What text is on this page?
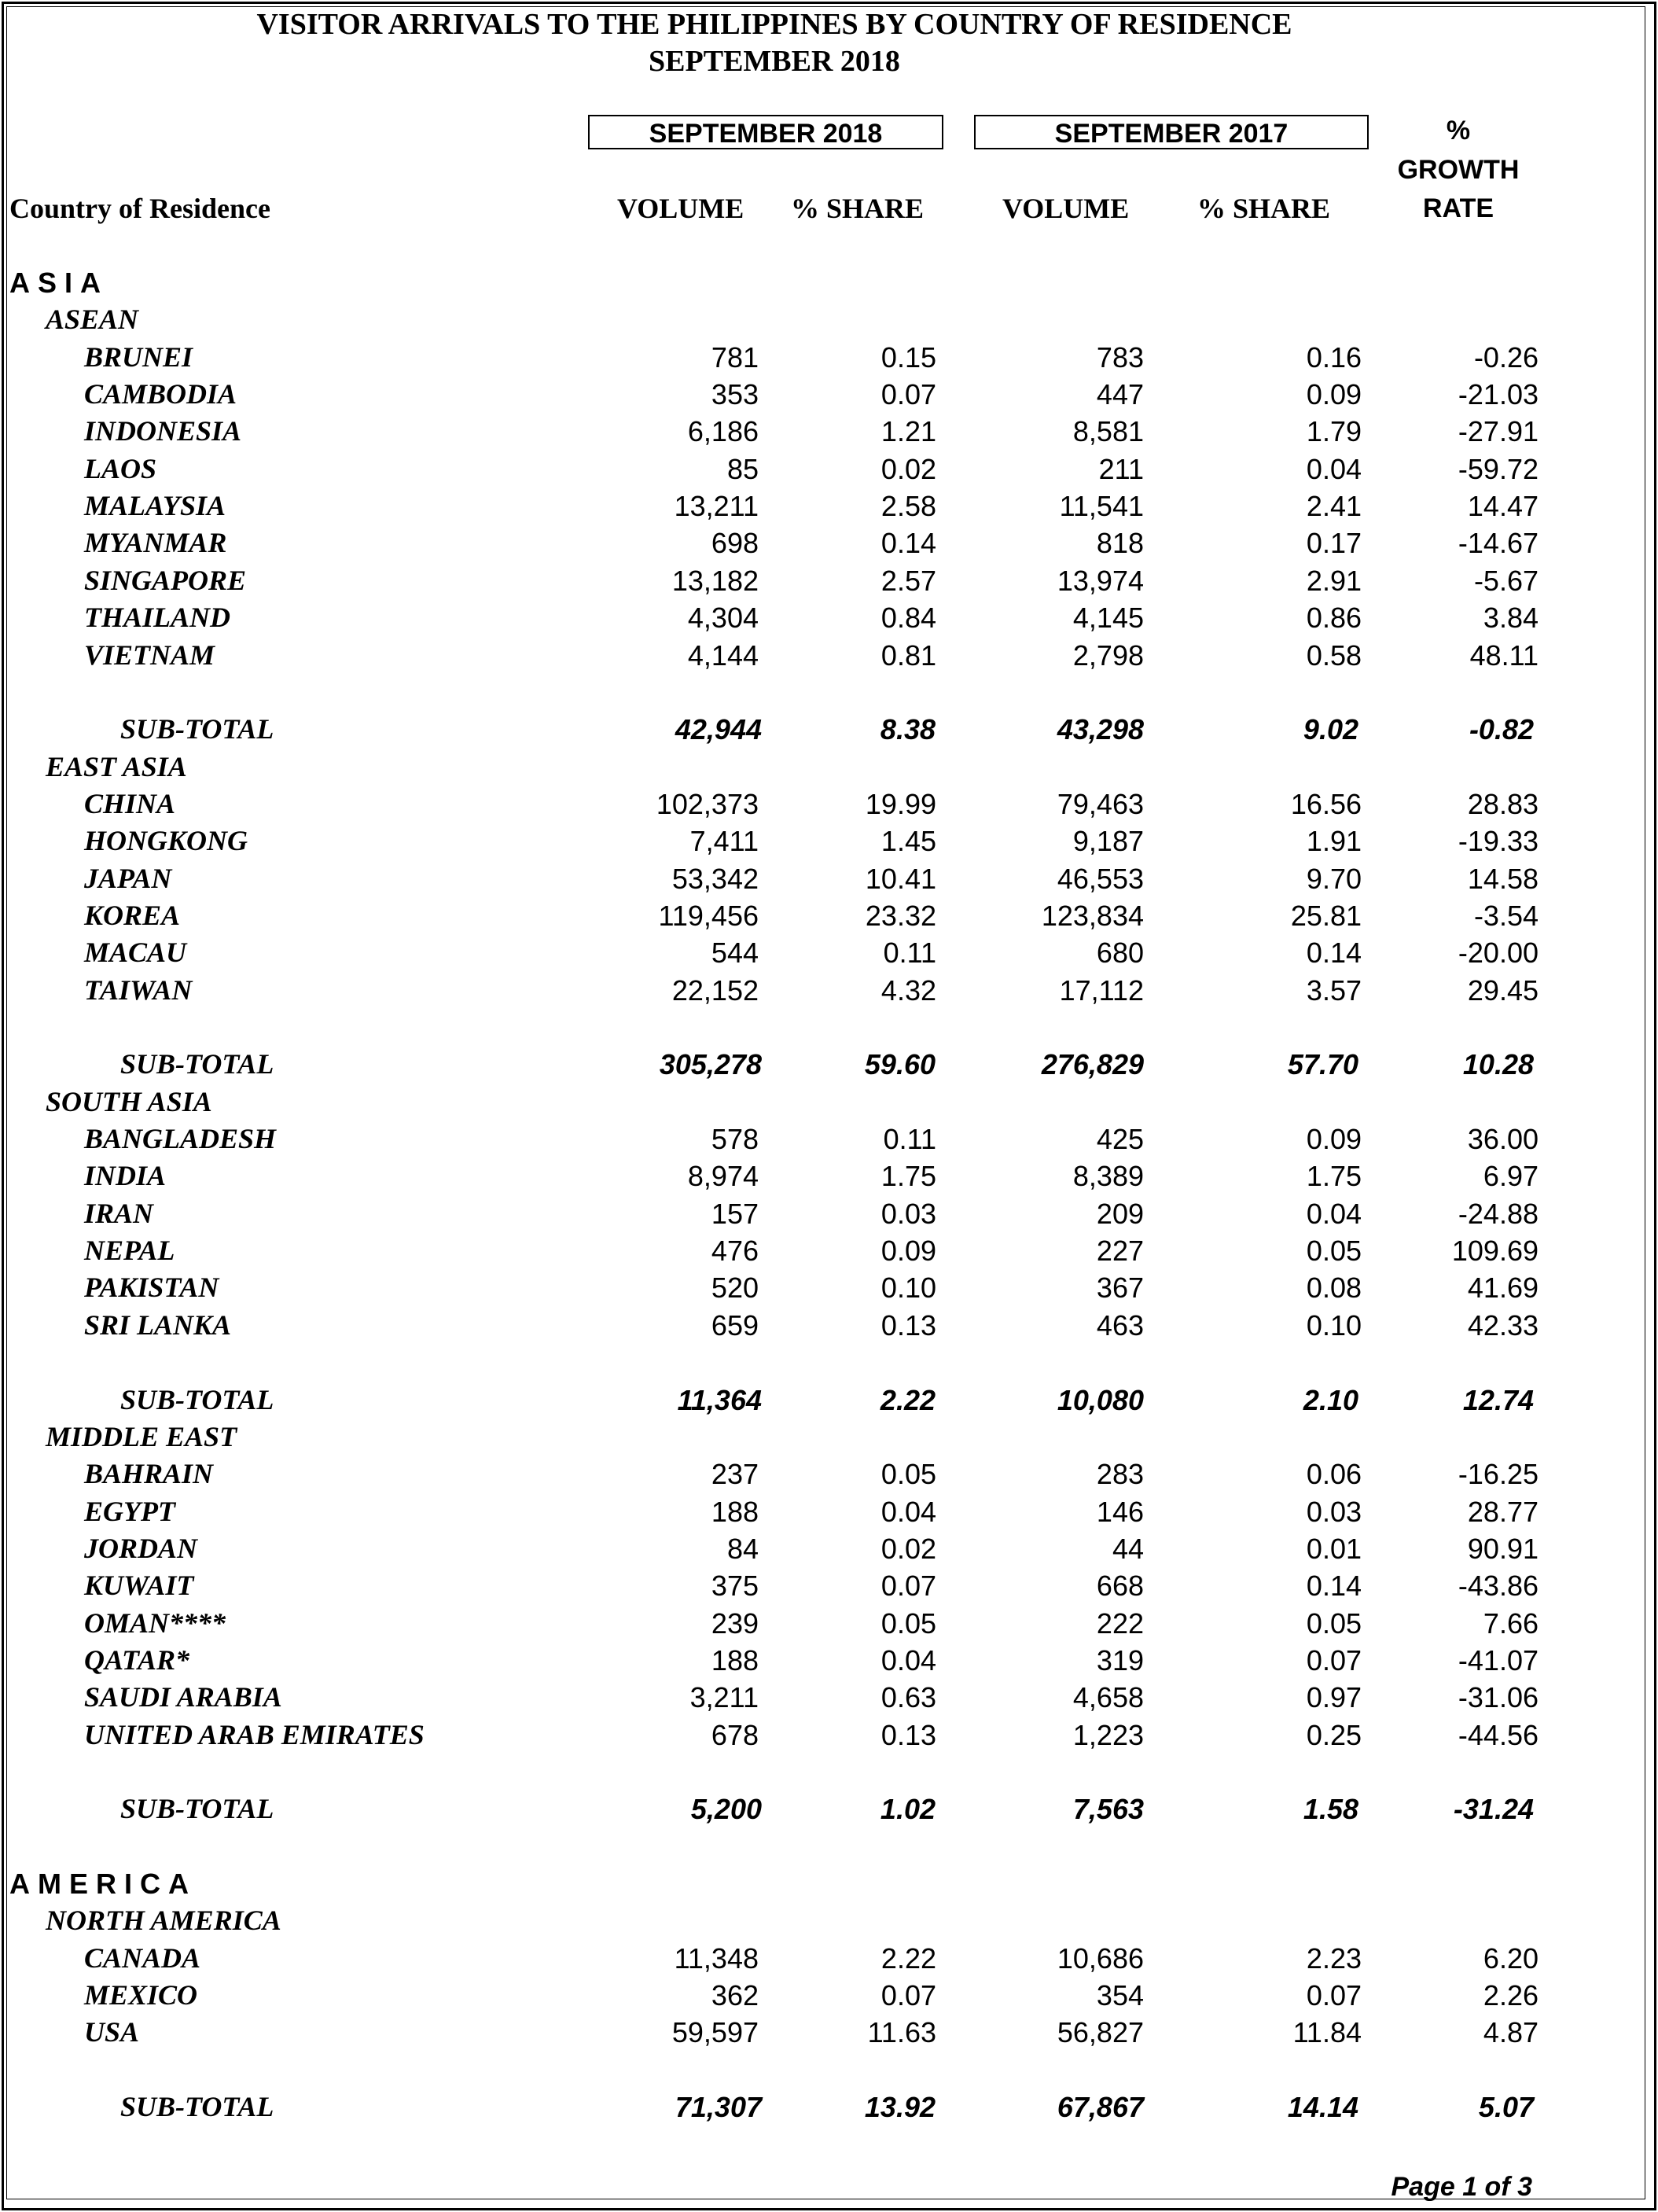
VISITOR ARRIVALS TO THE PHILIPPINES BY COUNTRY OF RESIDENCE
SEPTEMBER 2018
SEPTEMBER 2018	SEPTEMBER 2017	%
GROWTH
RATE
Country of Residence	VOLUME % SHARE	VOLUME % SHARE
ASIA
ASEAN
BRUNEI	781	0.15	783	0.16	-0.26
CAMBODIA	353	0.07	447	0.09	-21.03
INDONESIA	6,186	1.21	8,581	1.79	-27.91
LAOS	85	0.02	211	0.04	-59.72
MALAYSIA	13,211	2.58	11,541	2.41	14.47
MYANMAR	698	0.14	818	0.17	-14.67
SINGAPORE	13,182	2.57	13,974	2.91	-5.67
THAILAND	4,304	0.84	4,145	0.86	3.84
VIETNAM	4,144	0.81	2,798	0.58	48.11
SUB-TOTAL	42,944	8.38	43,298	9.02	-0.82
EAST ASIA
CHINA	102,373	19.99	79,463	16.56	28.83
HONGKONG	7,411	1.45	9,187	1.91	-19.33
JAPAN	53,342	10.41	46,553	9.70	14.58
KOREA	119,456	23.32	123,834	25.81	-3.54
MACAU	544	0.11	680	0.14	-20.00
TAIWAN	22,152	4.32	17,112	3.57	29.45
SUB-TOTAL	305,278	59.60	276,829	57.70	10.28
SOUTH ASIA
BANGLADESH	578	0.11	425	0.09	36.00
INDIA	8,974	1.75	8,389	1.75	6.97
IRAN	157	0.03	209	0.04	-24.88
NEPAL	476	0.09	227	0.05	109.69
PAKISTAN	520	0.10	367	0.08	41.69
SRI LANKA	659	0.13	463	0.10	42.33
SUB-TOTAL	11,364	2.22	10,080	2.10	12.74
MIDDLE EAST
BAHRAIN	237	0.05	283	0.06	-16.25
EGYPT	188	0.04	146	0.03	28.77
JORDAN	84	0.02	44	0.01	90.91
KUWAIT	375	0.07	668	0.14	-43.86
OMAN****	239	0.05	222	0.05	7.66
QATAR*	188	0.04	319	0.07	-41.07
SAUDI ARABIA	3,211	0.63	4,658	0.97	-31.06
UNITED ARAB EMIRATES	678	0.13	1,223	0.25	-44.56
SUB-TOTAL	5,200	1.02	7,563	1.58	-31.24
AMERICA
NORTH AMERICA
CANADA	11,348	2.22	10,686	2.23	6.20
MEXICO	362	0.07	354	0.07	2.26
USA	59,597	11.63	56,827	11.84	4.87
SUB-TOTAL	71,307	13.92	67,867	14.14	5.07
Page 1 of 3
